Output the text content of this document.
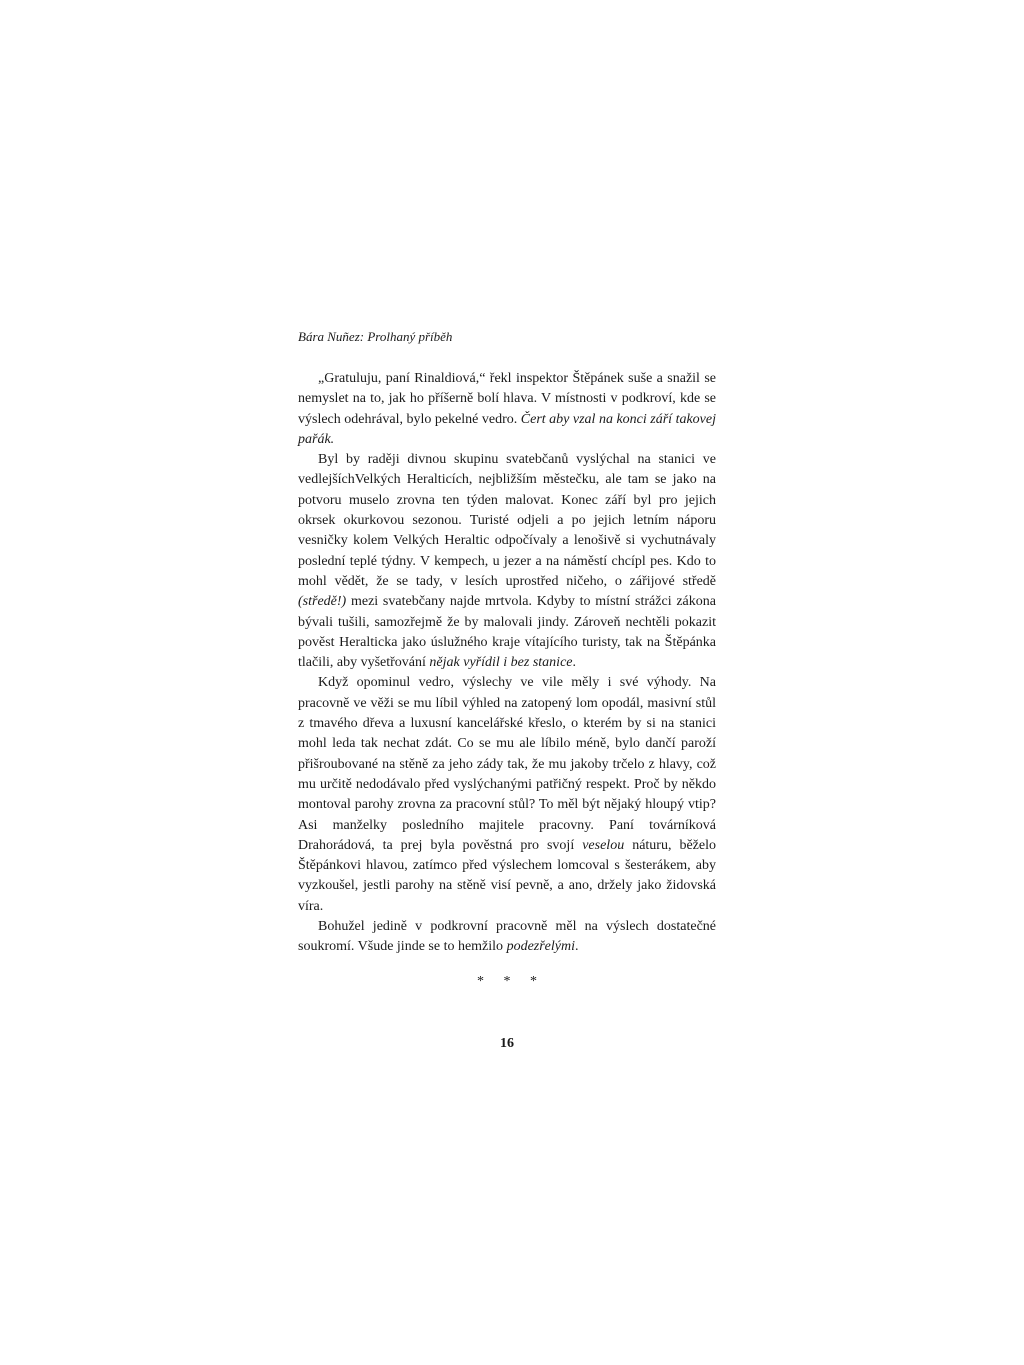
Bára Nuñez: Prolhaný příběh

„Gratuluju, paní Rinaldiová,“ řekl inspektor Štěpánek suše a snažil se nemyslet na to, jak ho příšerně bolí hlava. V místnosti v podkroví, kde se výslech odehrával, bylo pekelné vedro. Čert aby vzal na konci září takovej pařák.

Byl by raději divnou skupinu svatebčanů vyslýchal na stanici ve vedlejšíchVelkých Heralticích, nejbližším městečku, ale tam se jako na potvoru muselo zrovna ten týden malovat. Konec září byl pro jejich okrsek okurkovou sezonou. Turisté odjeli a po jejich letním náporu vesničky kolem Velkých Heraltic odpočívaly a lenošivě si vychutnávaly poslední teplé týdny. V kempech, u jezer a na náměstí chcípl pes. Kdo to mohl vědět, že se tady, v lesích uprostřed ničeho, o zářijové středě (středě!) mezi svatebčany najde mrtvola. Kdyby to místní strážci zákona bývali tušili, samozřejmě že by malovali jindy. Zároveň nechtěli pokazit pověst Heralticka jako úslužného kraje vítajícího turisty, tak na Štěpánka tlačili, aby vyšetřování nějak vyřídil i bez stanice.

Když opominul vedro, výslechy ve vile měly i své výhody. Na pracovně ve věži se mu líbil výhled na zatopený lom opodál, masivní stůl z tmavého dřeva a luxusní kancelářské křeslo, o kterém by si na stanici mohl leda tak nechat zdát. Co se mu ale líbilo méně, bylo dančí paroží přišroubované na stěně za jeho zády tak, že mu jakoby trčelo z hlavy, což mu určitě nedodávalo před vyslýchanými patřičný respekt. Proč by někdo montoval parohy zrovna za pracovní stůl? To měl být nějaký hloupý vtip? Asi manželky posledního majitele pracovny. Paní továrníková Drahorádová, ta prej byla pověstná pro svojí veselou náturu, běželo Štěpánkovi hlavou, zatímco před výslechem lomcoval s šesterákem, aby vyzkoušel, jestli parohy na stěně visí pevně, a ano, držely jako židovská víra.

Bohužel jedině v podkrovní pracovně měl na výslech dostatečné soukromí. Všude jinde se to hemžilo podezřelými.

* * *
16
